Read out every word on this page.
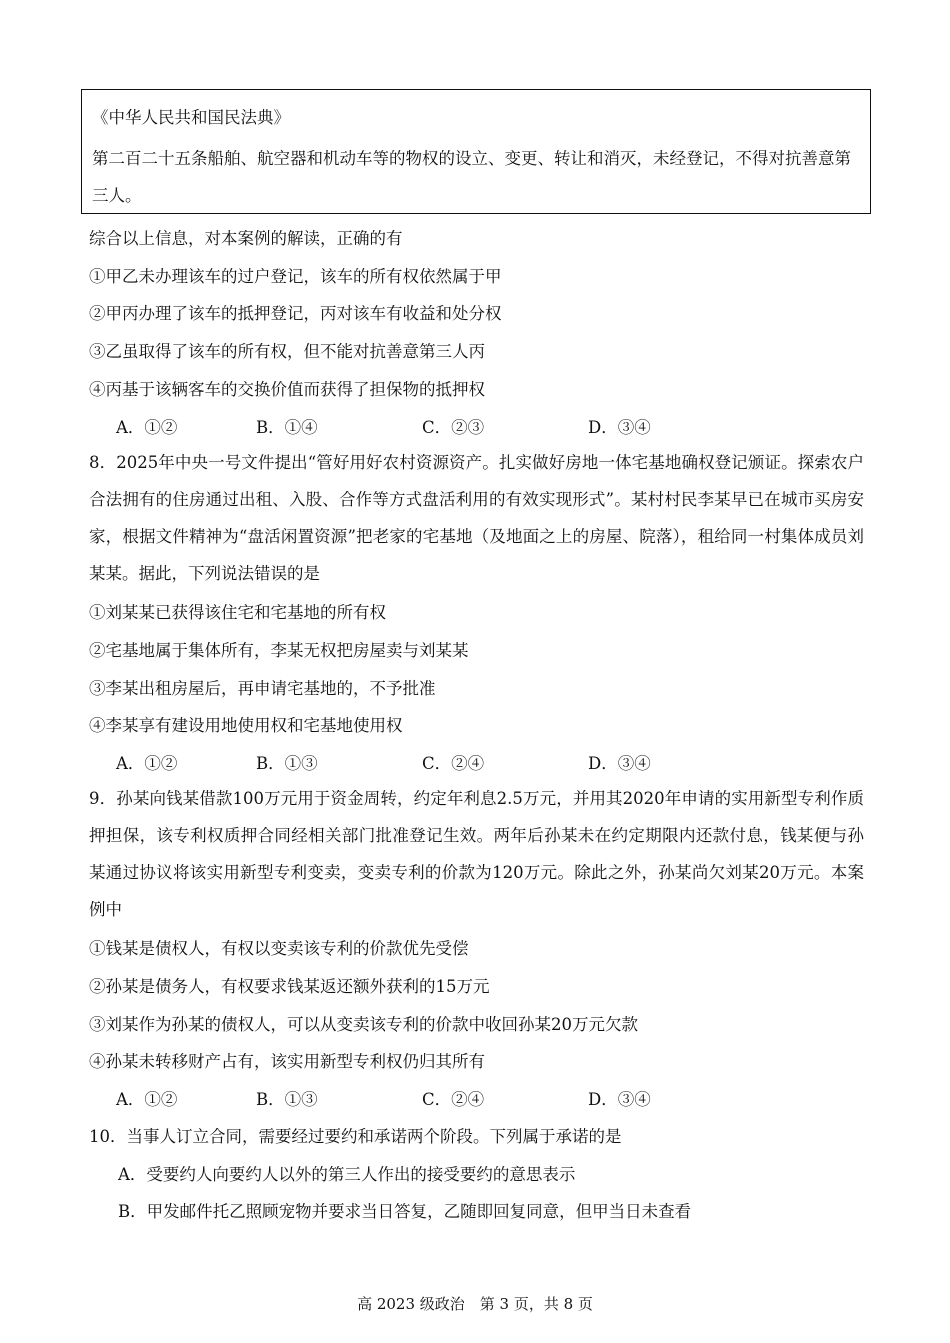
《中华人民共和国民法典》
第二百二十五条船舶、航空器和机动车等的物权的设立、变更、转让和消灭，未经登记，不得对抗善意第三人。
综合以上信息，对本案例的解读，正确的有
①甲乙未办理该车的过户登记，该车的所有权依然属于甲
②甲丙办理了该车的抵押登记，丙对该车有收益和处分权
③乙虽取得了该车的所有权，但不能对抗善意第三人丙
④丙基于该辆客车的交换价值而获得了担保物的抵押权
A．①②	B．①④	C．②③	D．③④
8．2025年中央一号文件提出“管好用好农村资源资产。扎实做好房地一体宅基地确权登记颁证。探索农户合法拥有的住房通过出租、入股、合作等方式盘活利用的有效实现形式”。某村村民李某早已在城市买房安家，根据文件精神为“盘活闲置资源”把老家的宅基地（及地面之上的房屋、院落），租给同一村集体成员刘某某。据此，下列说法错误的是
①刘某某已获得该住宅和宅基地的所有权
②宅基地属于集体所有，李某无权把房屋卖与刘某某
③李某出租房屋后，再申请宅基地的，不予批准
④李某享有建设用地使用权和宅基地使用权
A．①②	B．①③	C．②④	D．③④
9．孙某向钱某借款100万元用于资金周转，约定年利息2.5万元，并用其2020年申请的实用新型专利作质押担保，该专利权质押合同经相关部门批准登记生效。两年后孙某未在约定期限内还款付息，钱某便与孙某通过协议将该实用新型专利变卖，变卖专利的价款为120万元。除此之外，孙某尚欠刘某20万元。本案例中
①钱某是债权人，有权以变卖该专利的价款优先受偿
②孙某是债务人，有权要求钱某返还额外获利的15万元
③刘某作为孙某的债权人，可以从变卖该专利的价款中收回孙某20万元欠款
④孙某未转移财产占有，该实用新型专利权仍归其所有
A．①②	B．①③	C．②④	D．③④
10．当事人订立合同，需要经过要约和承诺两个阶段。下列属于承诺的是
A．受要约人向要约人以外的第三人作出的接受要约的意思表示
B．甲发邮件托乙照顾宠物并要求当日答复，乙随即回复同意，但甲当日未查看
高 2023 级政治　第 3 页，共 8 页
